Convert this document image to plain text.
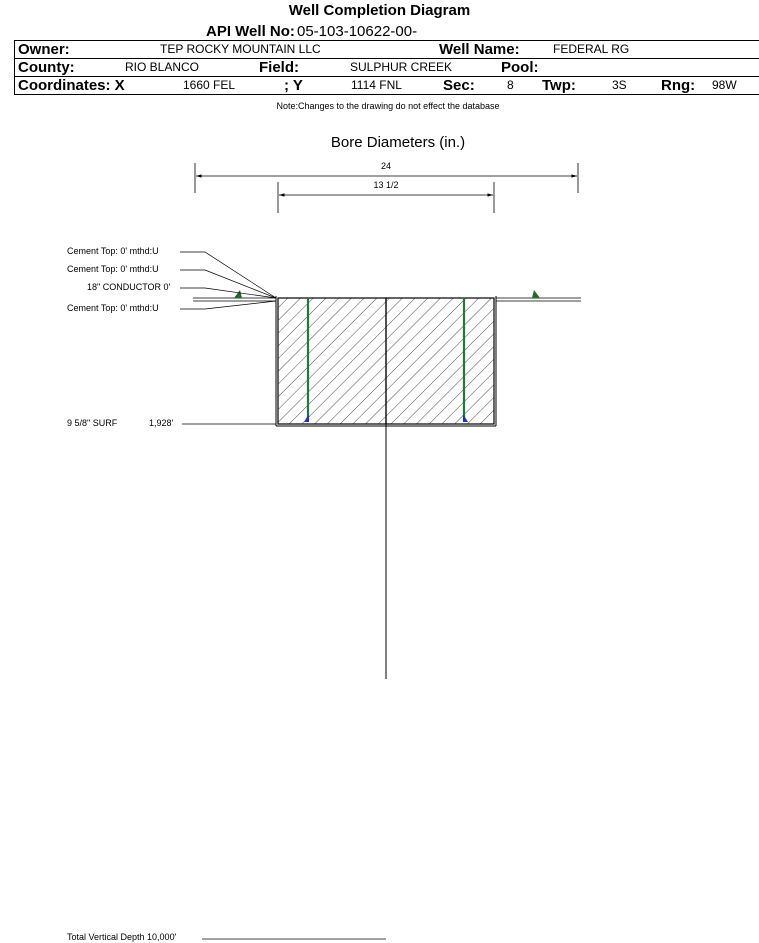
Well Completion Diagram
API Well No: 05-103-10622-00-
Owner:	TEP ROCKY MOUNTAIN LLC	Well Name:	FEDERAL RG
County:	RIO BLANCO	Field:	SULPHUR CREEK	Pool:
Coordinates: X	1660 FEL	; Y	1114 FNL	Sec:	8 Twp:	3S Rng: 98W
Note:Changes to the drawing do not effect the database
Bore Diameters (in.)
24
13 1/2
Cement Top: 0' mthd:U
Cement Top: 0' mthd:U
18" CONDUCTOR 0'
Cement Top: 0' mthd:U
9 5/8" SURF	1,928'
Total Vertical Depth 10,000'
